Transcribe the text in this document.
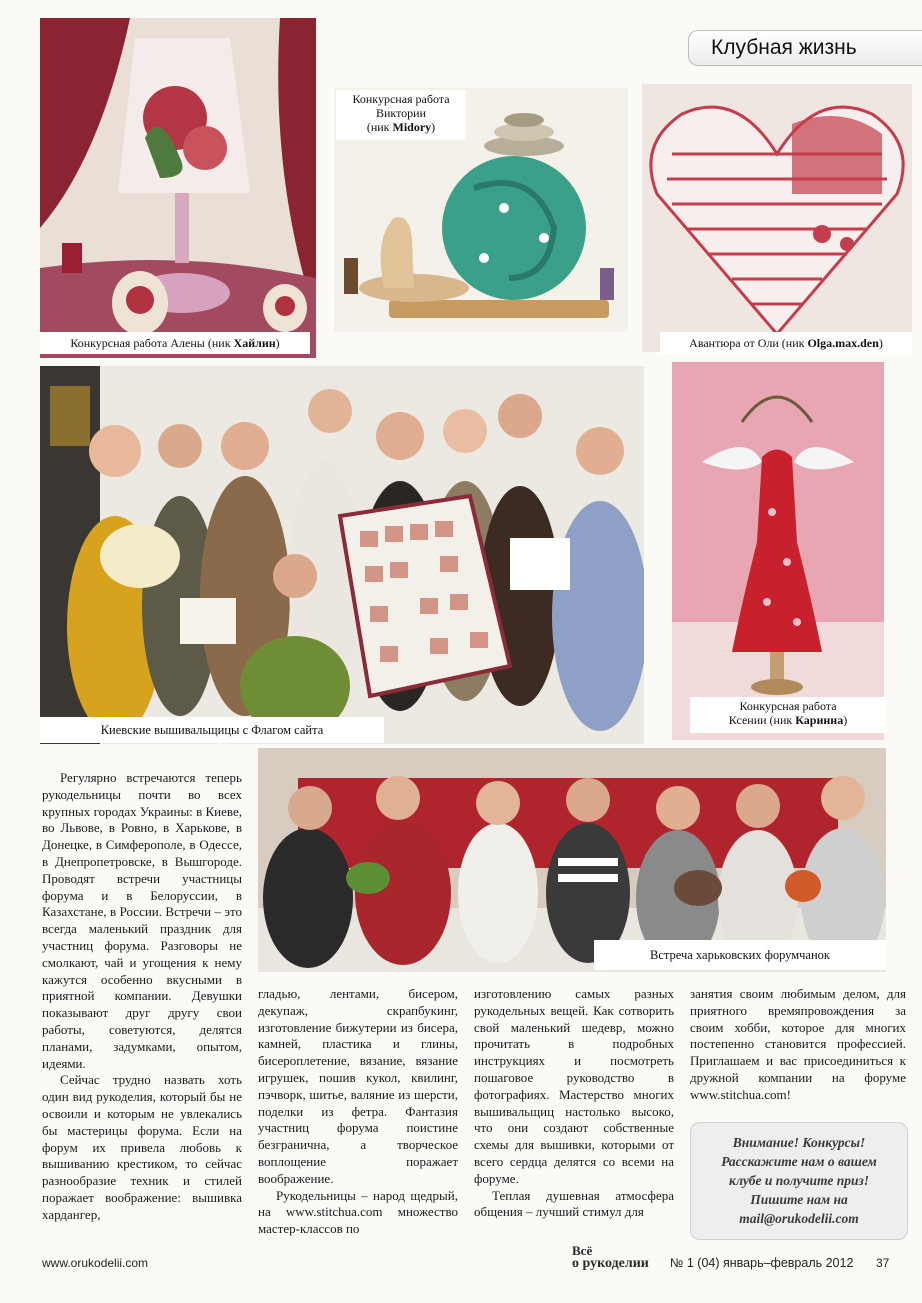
Клубная жизнь
Конкурсная работа Алены (ник Хайлин)
Конкурсная работа
Виктории
(ник Midory)
Авантюра от Оли (ник Olga.max.den)
Киевские вышивальщицы с Флагом сайта
Конкурсная работа
Ксении (ник Каринна)
Встреча харьковских форумчанок

Регулярно встречаются теперь рукодельницы почти во всех крупных городах Украины: в Киеве, во Львове, в Ровно, в Харькове, в Донецке, в Симферополе, в Одессе, в Днепропетровске, в Вышгороде. Проводят встречи участницы форума и в Белоруссии, в Казахстане, в России. Встречи – это всегда маленький праздник для участниц форума. Разговоры не смолкают, чай и угощения к нему кажутся особенно вкусными в приятной компании. Девушки показывают друг другу свои работы, советуются, делятся планами, задумками, опытом, идеями.

Сейчас трудно назвать хоть один вид рукоделия, который бы не освоили и которым не увлекались бы мастерицы форума. Если на форум их привела любовь к вышиванию крестиком, то сейчас разнообразие техник и стилей поражает воображение: вышивка хардангер,

гладью, лентами, бисером, декупаж, скрапбукинг, изготовление бижутерии из бисера, камней, пластика и глины, бисероплетение, вязание, вязание игрушек, пошив кукол, квилинг, пэчворк, шитье, валяние из шерсти, поделки из фетра. Фантазия участниц форума поистине безгранична, а творческое воплощение поражает воображение.

Рукодельницы – народ щедрый, на www.stitchua.com множество мастер-классов по

изготовлению самых разных рукодельных вещей. Как сотворить свой маленький шедевр, можно прочитать в подробных инструкциях и посмотреть пошаговое руководство в фотографиях. Мастерство многих вышивальщиц настолько высоко, что они создают собственные схемы для вышивки, которыми от всего сердца делятся со всеми на форуме.

Теплая душевная атмосфера общения – лучший стимул для

занятия своим любимым делом, для приятного времяпровождения за своим хобби, которое для многих постепенно становится профессией. Приглашаем и вас присоединиться к дружной компании на форуме www.stitchua.com!

Внимание! Конкурсы!
Расскажите нам о вашем
клубе и получите приз!
Пишите нам на
mail@orukodelii.com
www.orukodelii.com
Всё
о рукоделии	№ 1 (04) январь–февраль 2012 37
